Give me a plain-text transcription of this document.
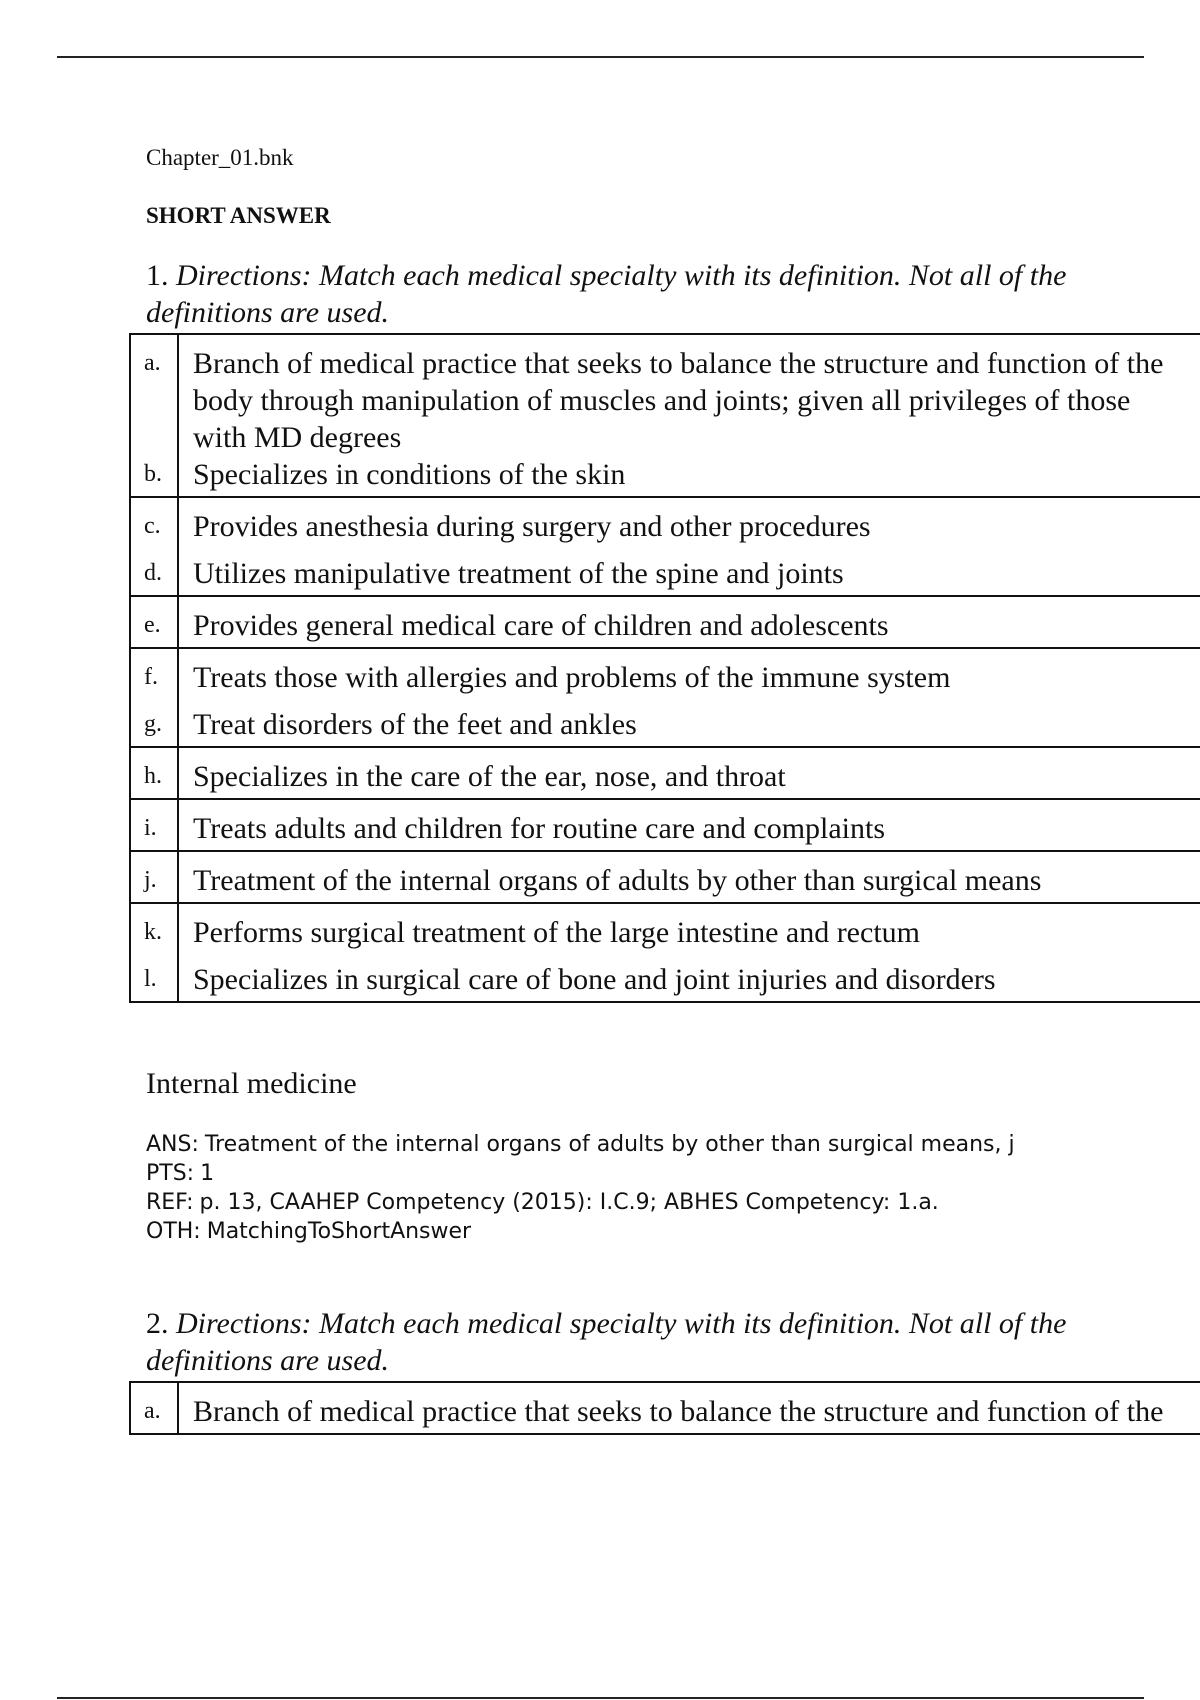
Chapter_01.bnk
SHORT ANSWER
1. Directions: Match each medical specialty with its definition. Not all of the definitions are used.
a.	Branch of medical practice that seeks to balance the structure and function of the
body through manipulation of muscles and joints; given all privileges of those
with MD degrees

b.	Specializes in conditions of the skin
c.	Provides anesthesia during surgery and other procedures
d.	Utilizes manipulative treatment of the spine and joints
e.	Provides general medical care of children and adolescents
f.	Treats those with allergies and problems of the immune system
g.	Treat disorders of the feet and ankles
h.	Specializes in the care of the ear, nose, and throat
i.	Treats adults and children for routine care and complaints
j.	Treatment of the internal organs of adults by other than surgical means
k.	Performs surgical treatment of the large intestine and rectum
l.	Specializes in surgical care of bone and joint injuries and disorders
Internal medicine
ANS: Treatment of the internal organs of adults by other than surgical means, j
PTS: 1
REF: p. 13, CAAHEP Competency (2015): I.C.9; ABHES Competency: 1.a.
OTH: MatchingToShortAnswer
2. Directions: Match each medical specialty with its definition. Not all of the definitions are used.
a.	Branch of medical practice that seeks to balance the structure and function of the
